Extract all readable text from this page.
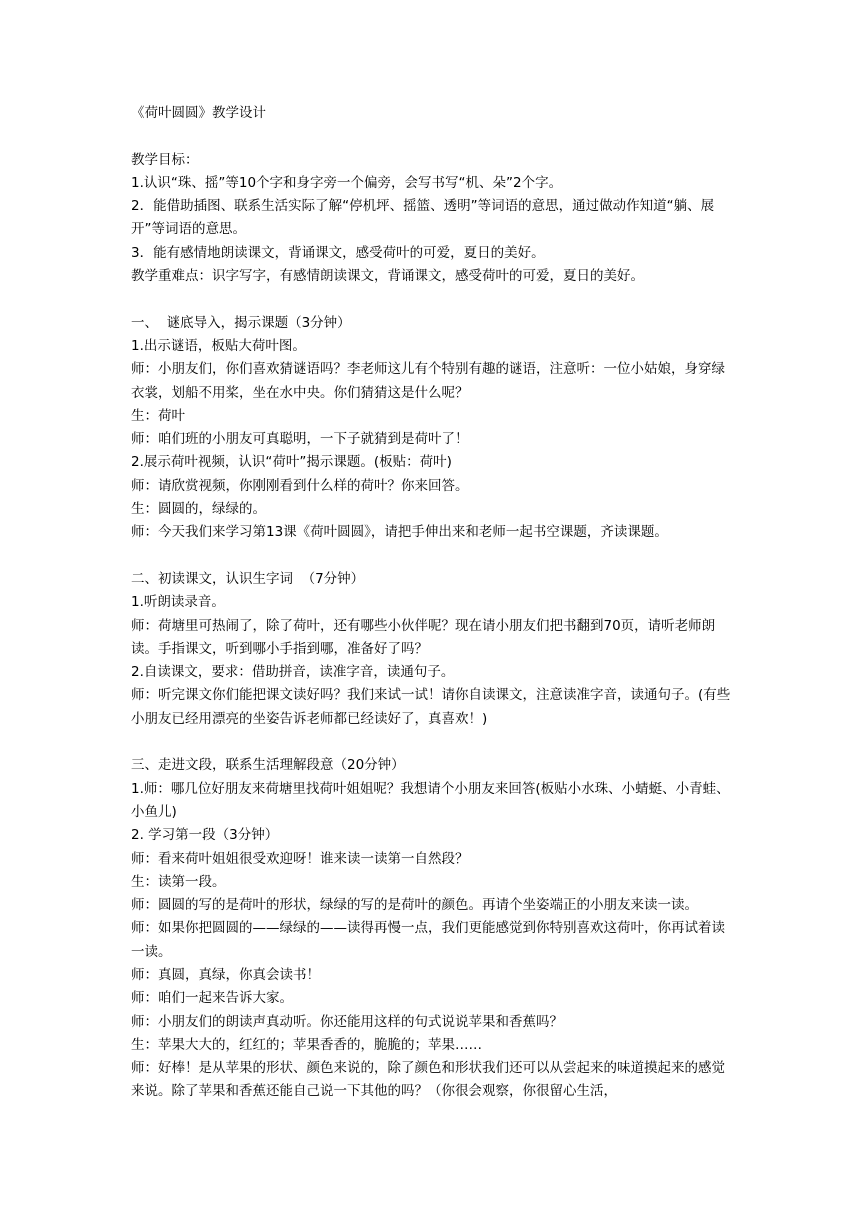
《荷叶圆圆》教学设计
教学目标：
1.认识“珠、摇”等10个字和身字旁一个偏旁，会写书写“机、朵”2个字。
2．能借助插图、联系生活实际了解“停机坪、摇篮、透明”等词语的意思，通过做动作知道“躺、展开”等词语的意思。
3．能有感情地朗读课文，背诵课文，感受荷叶的可爱，夏日的美好。
教学重难点：识字写字，有感情朗读课文，背诵课文，感受荷叶的可爱，夏日的美好。
一、  谜底导入，揭示课题（3分钟）
1.出示谜语，板贴大荷叶图。
师：小朋友们，你们喜欢猜谜语吗？李老师这儿有个特别有趣的谜语，注意听：一位小姑娘，身穿绿衣裳，划船不用桨，坐在水中央。你们猜猜这是什么呢？
生：荷叶
师：咱们班的小朋友可真聪明，一下子就猜到是荷叶了！
2.展示荷叶视频，认识“荷叶”揭示课题。(板贴：荷叶)
师：请欣赏视频，你刚刚看到什么样的荷叶？你来回答。
生：圆圆的，绿绿的。
师：今天我们来学习第13课《荷叶圆圆》，请把手伸出来和老师一起书空课题，齐读课题。
二、初读课文，认识生字词  （7分钟）
1.听朗读录音。
师：荷塘里可热闹了，除了荷叶，还有哪些小伙伴呢？现在请小朋友们把书翻到70页，请听老师朗读。手指课文，听到哪小手指到哪，准备好了吗？
2.自读课文，要求：借助拼音，读准字音，读通句子。
师：听完课文你们能把课文读好吗？我们来试一试！请你自读课文，注意读准字音，读通句子。(有些小朋友已经用漂亮的坐姿告诉老师都已经读好了，真喜欢！)
三、走进文段，联系生活理解段意（20分钟）
1.师：哪几位好朋友来荷塘里找荷叶姐姐呢？我想请个小朋友来回答(板贴小水珠、小蜻蜓、小青蛙、小鱼儿)
2. 学习第一段（3分钟）
师：看来荷叶姐姐很受欢迎呀！谁来读一读第一自然段？
生：读第一段。
师：圆圆的写的是荷叶的形状，绿绿的写的是荷叶的颜色。再请个坐姿端正的小朋友来读一读。
师：如果你把圆圆的——绿绿的——读得再慢一点，我们更能感觉到你特别喜欢这荷叶，你再试着读一读。
师：真圆，真绿，你真会读书！
师：咱们一起来告诉大家。
师：小朋友们的朗读声真动听。你还能用这样的句式说说苹果和香蕉吗？
生：苹果大大的，红红的；苹果香香的，脆脆的；苹果……
师：好棒！是从苹果的形状、颜色来说的，除了颜色和形状我们还可以从尝起来的味道摸起来的感觉来说。除了苹果和香蕉还能自己说一下其他的吗？（你很会观察，你很留心生活，
